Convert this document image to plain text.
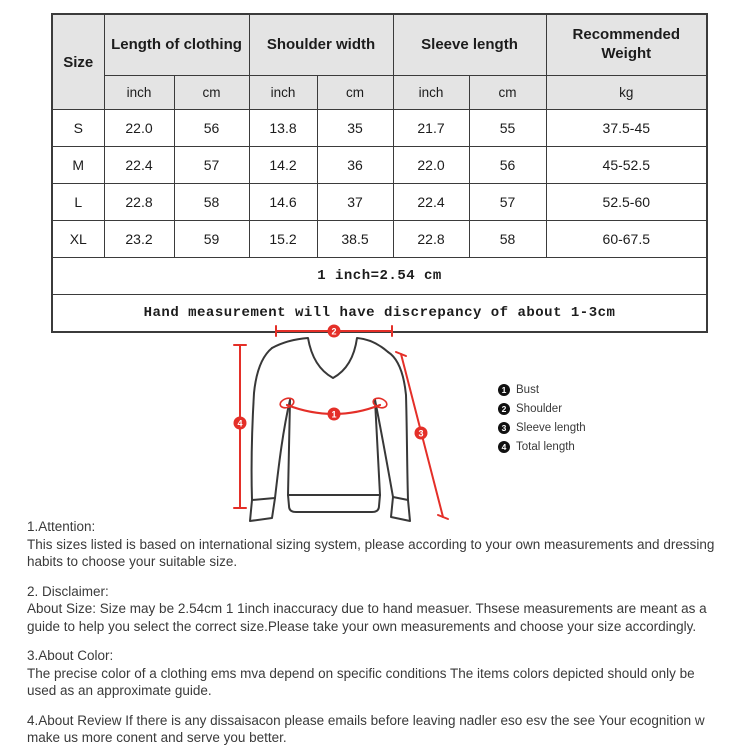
Size	Length of clothing		Shoulder width		Sleeve length		Recommended Weight
	inch	cm	inch	cm	inch	cm	kg
S	22.0	56	13.8	35	21.7	55	37.5-45
M	22.4	57	14.2	36	22.0	56	45-52.5
L	22.8	58	14.6	37	22.4	57	52.5-60
XL	23.2	59	15.2	38.5	22.8	58	60-67.5
1 inch=2.54 cm							
Hand measurement will have discrepancy of about 1-3cm							
2
4
3
1
1 Bust
2 Shoulder
3 Sleeve length
4 Total length
1.Attention:
This sizes listed is based on international sizing system, please according to your own measurements and dressing   habits to choose your suitable size.
2. Disclaimer:
About Size: Size may be 2.54cm 1 1inch inaccuracy due to hand measuer. Thsese measurements are meant as a   guide to help you select the correct size.Please take your own measurements and choose your size accordingly.
3.About Color:
The precise color of a clothing ems mva depend on specific conditions The items colors depicted should only be   used as an approximate guide.
4.About Review If there is any dissaisacon please emails before leaving nadler eso esv the see Your ecognition w   make us more conent and serve you better.
